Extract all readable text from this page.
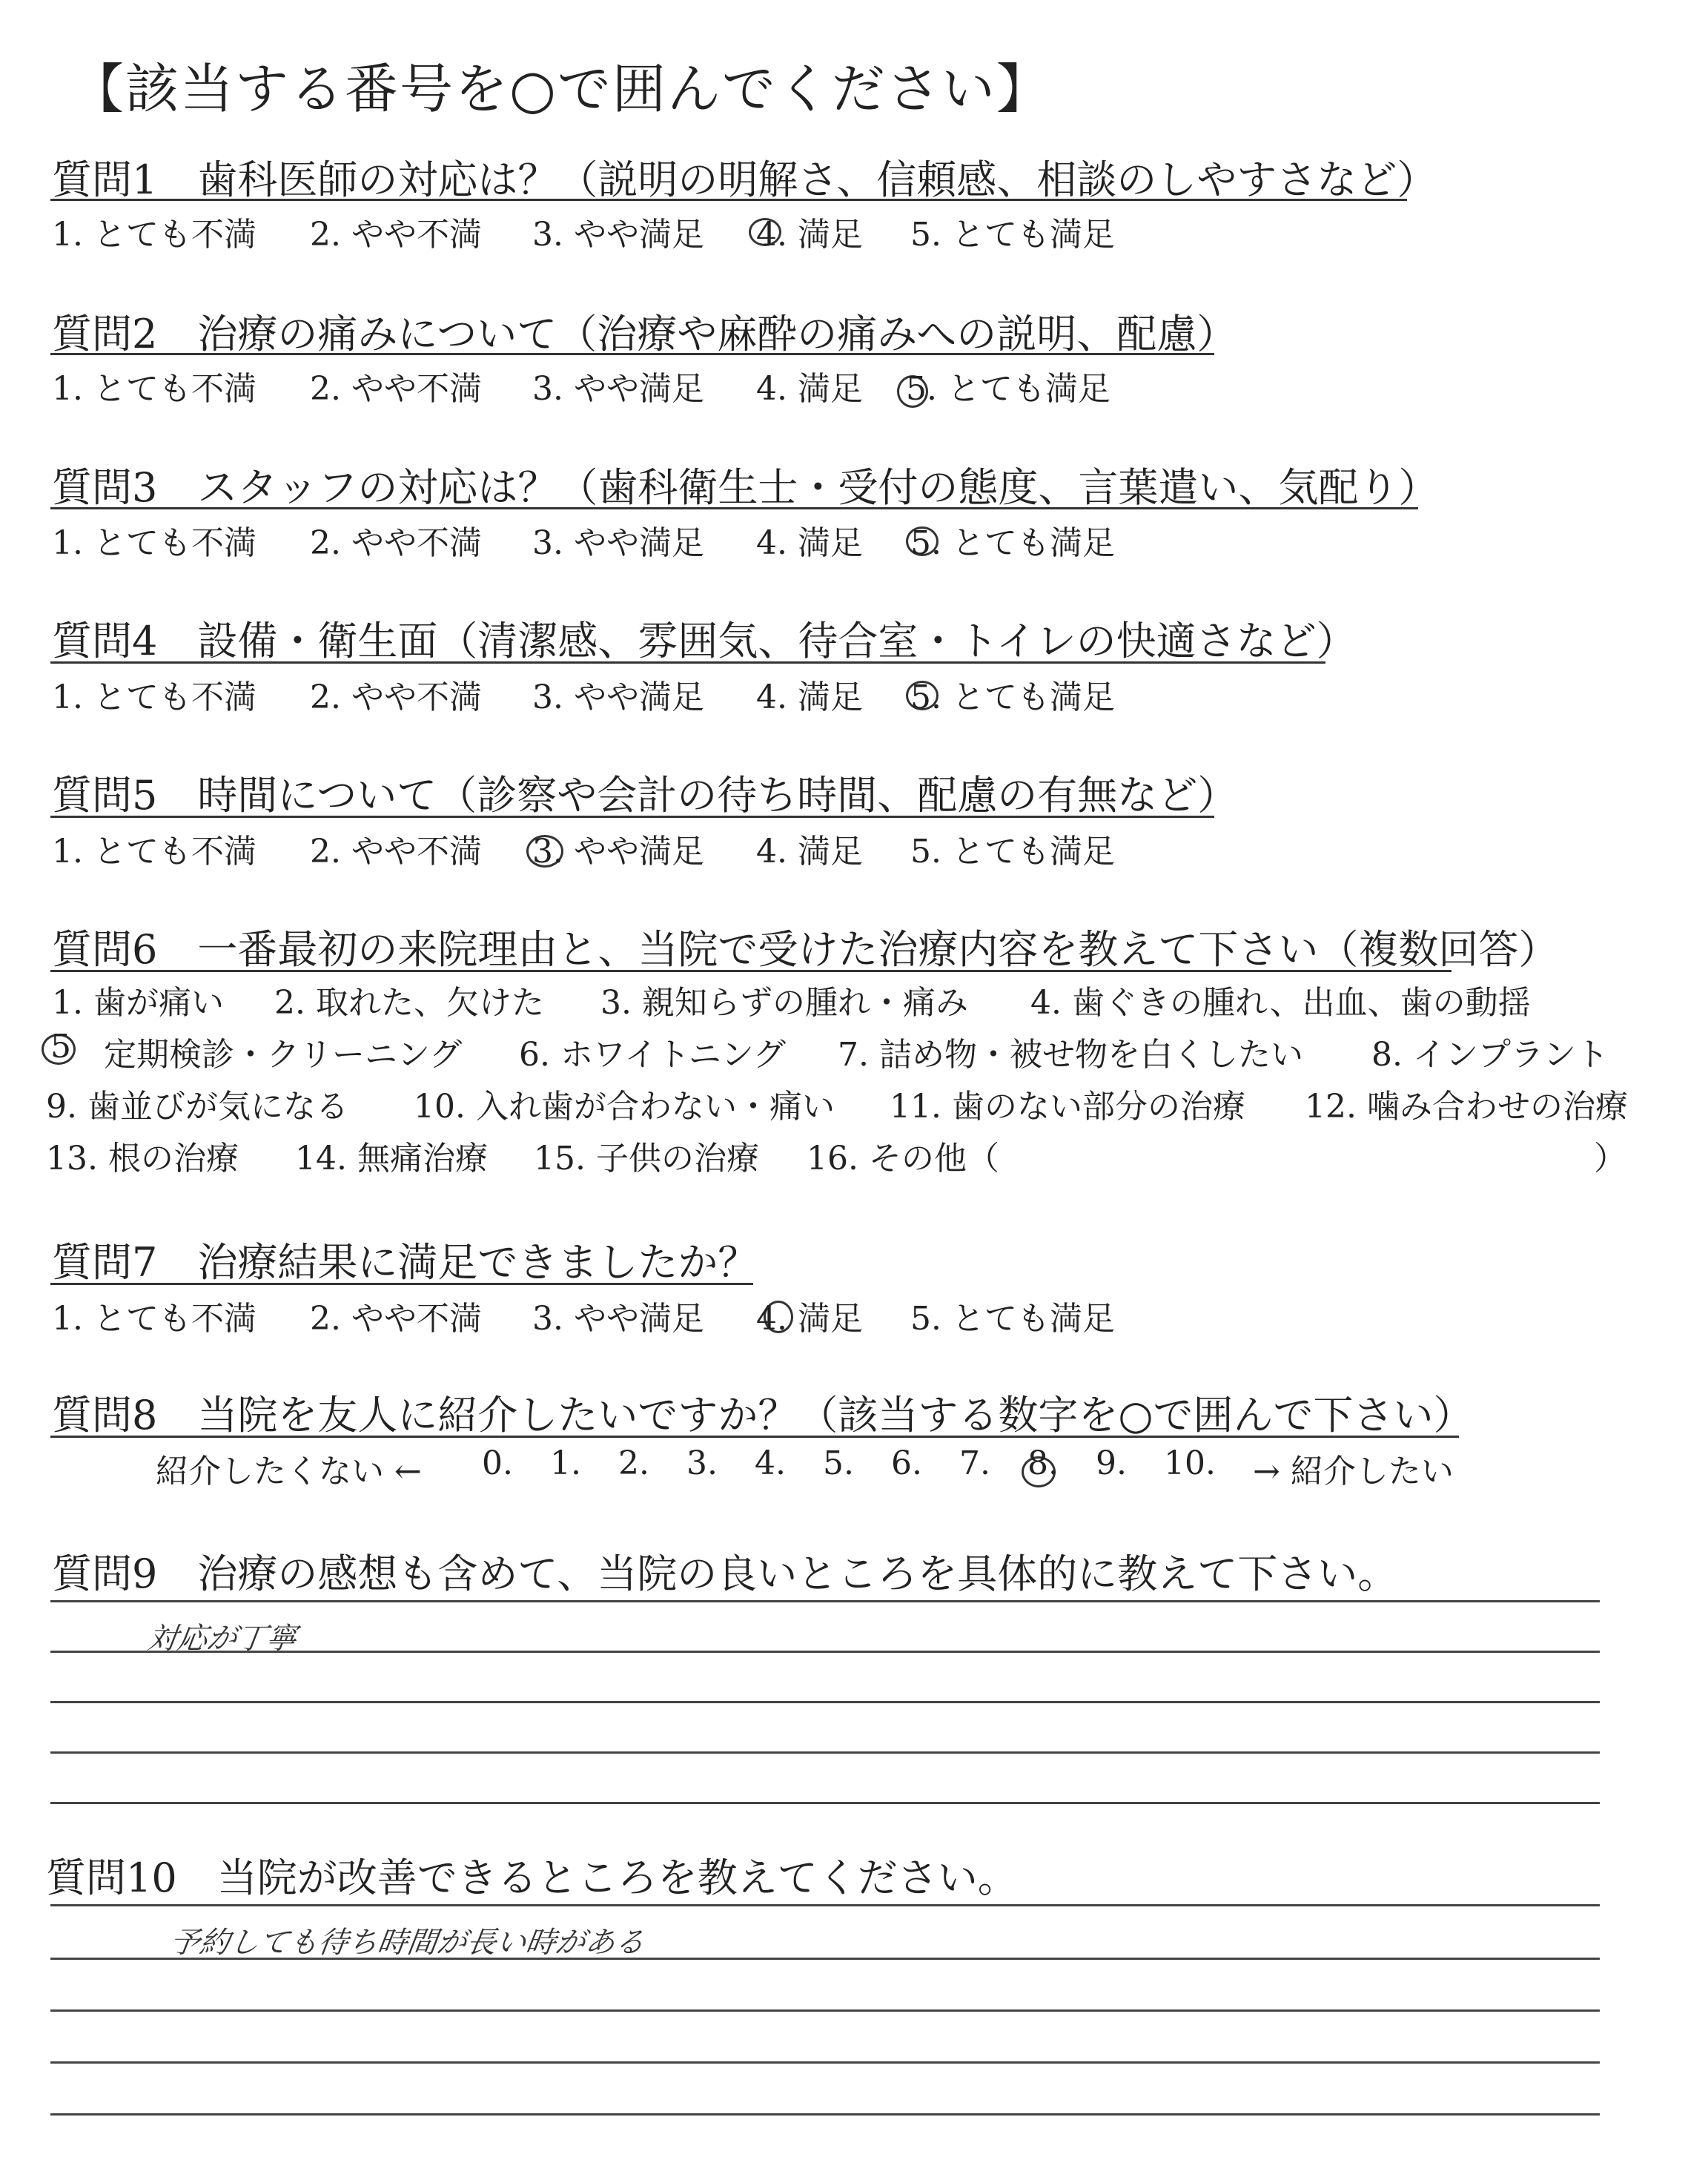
【該当する番号を○で囲んでください】
質問1　歯科医師の対応は？（説明の明解さ、信頼感、相談のしやすさなど）
1. とても不満 2. やや不満 3. やや満足 4. 満足 5. とても満足
質問2　治療の痛みについて（治療や麻酔の痛みへの説明、配慮）
1. とても不満 2. やや不満 3. やや満足 4. 満足 5. とても満足
質問3　スタッフの対応は？（歯科衛生士・受付の態度、言葉遣い、気配り）
1. とても不満 2. やや不満 3. やや満足 4. 満足 5. とても満足
質問4　設備・衛生面（清潔感、雰囲気、待合室・トイレの快適さなど）
1. とても不満 2. やや不満 3. やや満足 4. 満足 5. とても満足
質問5　時間について（診察や会計の待ち時間、配慮の有無など）
1. とても不満 2. やや不満 3. やや満足 4. 満足 5. とても満足
質問6　一番最初の来院理由と、当院で受けた治療内容を教えて下さい（複数回答）
1. 歯が痛い 2. 取れた、欠けた 3. 親知らずの腫れ・痛み 4. 歯ぐきの腫れ、出血、歯の動揺
5 定期検診・クリーニング 6. ホワイトニング 7. 詰め物・被せ物を白くしたい 8. インプラント
9. 歯並びが気になる 10. 入れ歯が合わない・痛い 11. 歯のない部分の治療 12. 噛み合わせの治療
13. 根の治療 14. 無痛治療 15. 子供の治療 16. その他（	）
質問7　治療結果に満足できましたか？
1. とても不満 2. やや不満 3. やや満足 4. 満足 5. とても満足
質問8　当院を友人に紹介したいですか？（該当する数字を○で囲んで下さい）
紹介したくない ← 0. 1. 2. 3. 4. 5. 6. 7. 8. 9. 10. → 紹介したい
質問9　治療の感想も含めて、当院の良いところを具体的に教えて下さい。
対応が丁寧
質問10　当院が改善できるところを教えてください。
予約しても待ち時間が長い時がある
